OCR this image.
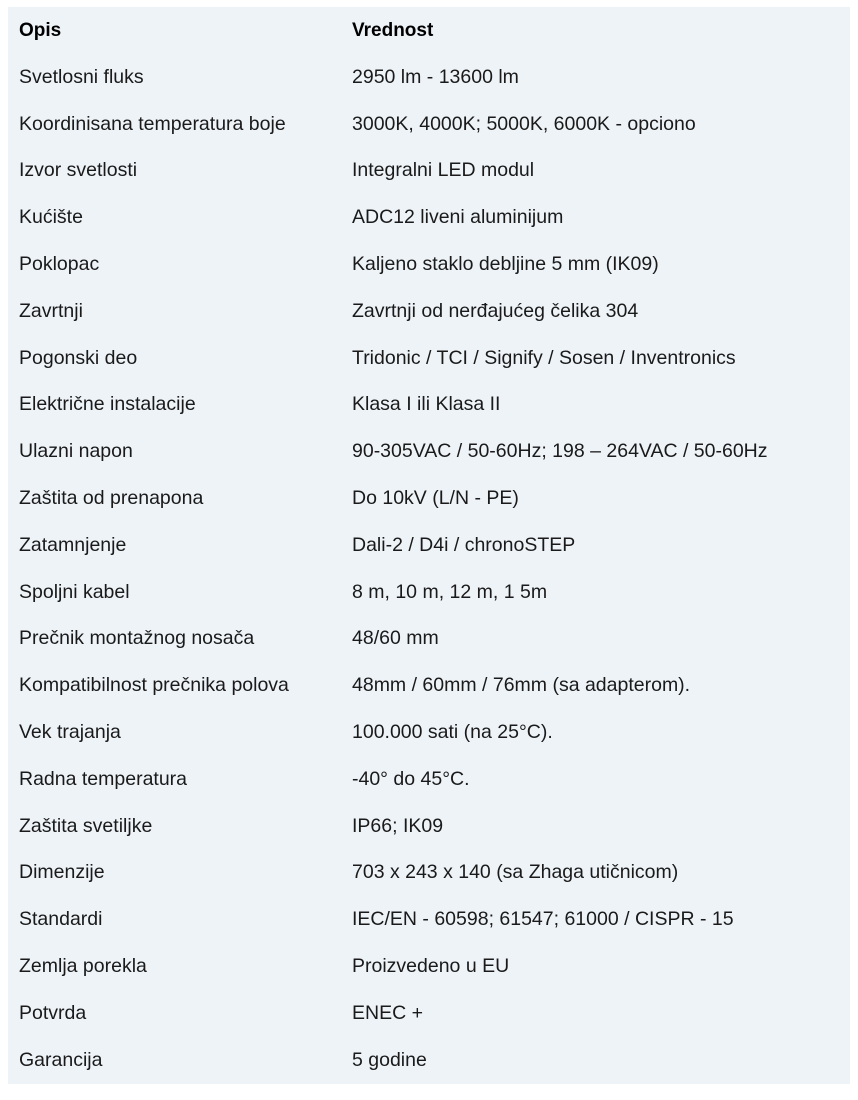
Opis	Vrednost
Svetlosni fluks	2950 lm - 13600 lm
Koordinisana temperatura boje	3000K, 4000K; 5000K, 6000K - opciono
Izvor svetlosti	Integralni LED modul
Kućište	ADC12 liveni aluminijum
Poklopac	Kaljeno staklo debljine 5 mm (IK09)
Zavrtnji	Zavrtnji od nerđajućeg čelika 304
Pogonski deo	Tridonic / TCI / Signify / Sosen / Inventronics
Električne instalacije	Klasa I ili Klasa II
Ulazni napon	90-305VAC / 50-60Hz; 198 – 264VAC / 50-60Hz
Zaštita od prenapona	Do 10kV (L/N - PE)
Zatamnjenje	Dali-2 / D4i / chronoSTEP
Spoljni kabel	8 m, 10 m, 12 m, 1 5m
Prečnik montažnog nosača	48/60 mm
Kompatibilnost prečnika polova	48mm / 60mm / 76mm (sa adapterom).
Vek trajanja	100.000 sati (na 25°C).
Radna temperatura	-40° do 45°C.
Zaštita svetiljke	IP66; IK09
Dimenzije	703 x 243 x 140 (sa Zhaga utičnicom)
Standardi	IEC/EN - 60598; 61547; 61000 / CISPR - 15
Zemlja porekla	Proizvedeno u EU
Potvrda	ENEC +
Garancija	5 godine
